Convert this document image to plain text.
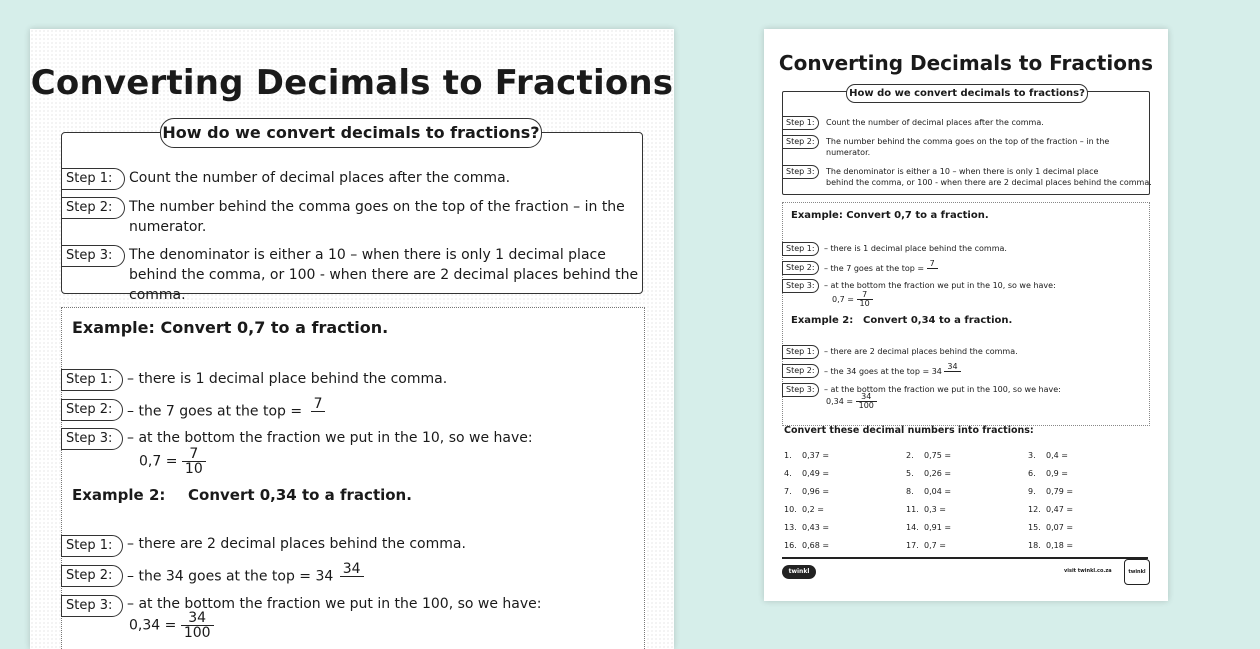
Converting Decimals to Fractions
How do we convert decimals to fractions?
Step 1:	Count the number of decimal places after the comma.
Step 2:	The number behind the comma goes on the top of the fraction – in the
numerator.
Step 3:	The denominator is either a 10 – when there is only 1 decimal place
behind the comma, or 100 - when there are 2 decimal places behind the comma.
Example: Convert 0,7 to a fraction.
Step 1:	– there is 1 decimal place behind the comma.
Step 2:	– the 7 goes at the top = 7

Step 3:	– at the bottom the fraction we put in the 10, so we have:
$0,7 = \frac{7}{10}$
Example 2: Convert 0,34 to a fraction.
Step 1:	– there are 2 decimal places behind the comma.
Step 2:	– the 34 goes at the top = 34 34

Step 3:	– at the bottom the fraction we put in the 100, so we have:
$0,34 = \frac{34}{100}$
Converting Decimals to Fractions
How do we convert decimals to fractions?
Step 1:	Count the number of decimal places after the comma.
Step 2:	The number behind the comma goes on the top of the fraction – in the
numerator.
Step 3:	The denominator is either a 10 – when there is only 1 decimal place
behind the comma, or 100 - when there are 2 decimal places behind the comma.
Example: Convert 0,7 to a fraction.
Step 1:	– there is 1 decimal place behind the comma.
Step 2:	– the 7 goes at the top =
7

Step 3:	– at the bottom the fraction we put in the 10, so we have:
$0,7 = \frac{7}{10}$
Example 2: Convert 0,34 to a fraction.
Step 1:	– there are 2 decimal places behind the comma.
Step 2:	– the 34 goes at the top = 34
34

Step 3:	– at the bottom the fraction we put in the 100, so we have:
$0,34 = \frac{34}{100}$
Convert these decimal numbers into fractions:
1. 0,37 =	2. 0,75 =	3. 0,4 =
4. 0,49 =	5. 0,26 =	6. 0,9 =
7. 0,96 =	8. 0,04 =	9. 0,79 =
10. 0,2 =	11. 0,3 =	12. 0,47 =
13. 0,43 =	14. 0,91 =	15. 0,07 =
16. 0,68 =	17. 0,7 =	18. 0,18 =
twinkl	visit twinkl.co.za	twinkl
